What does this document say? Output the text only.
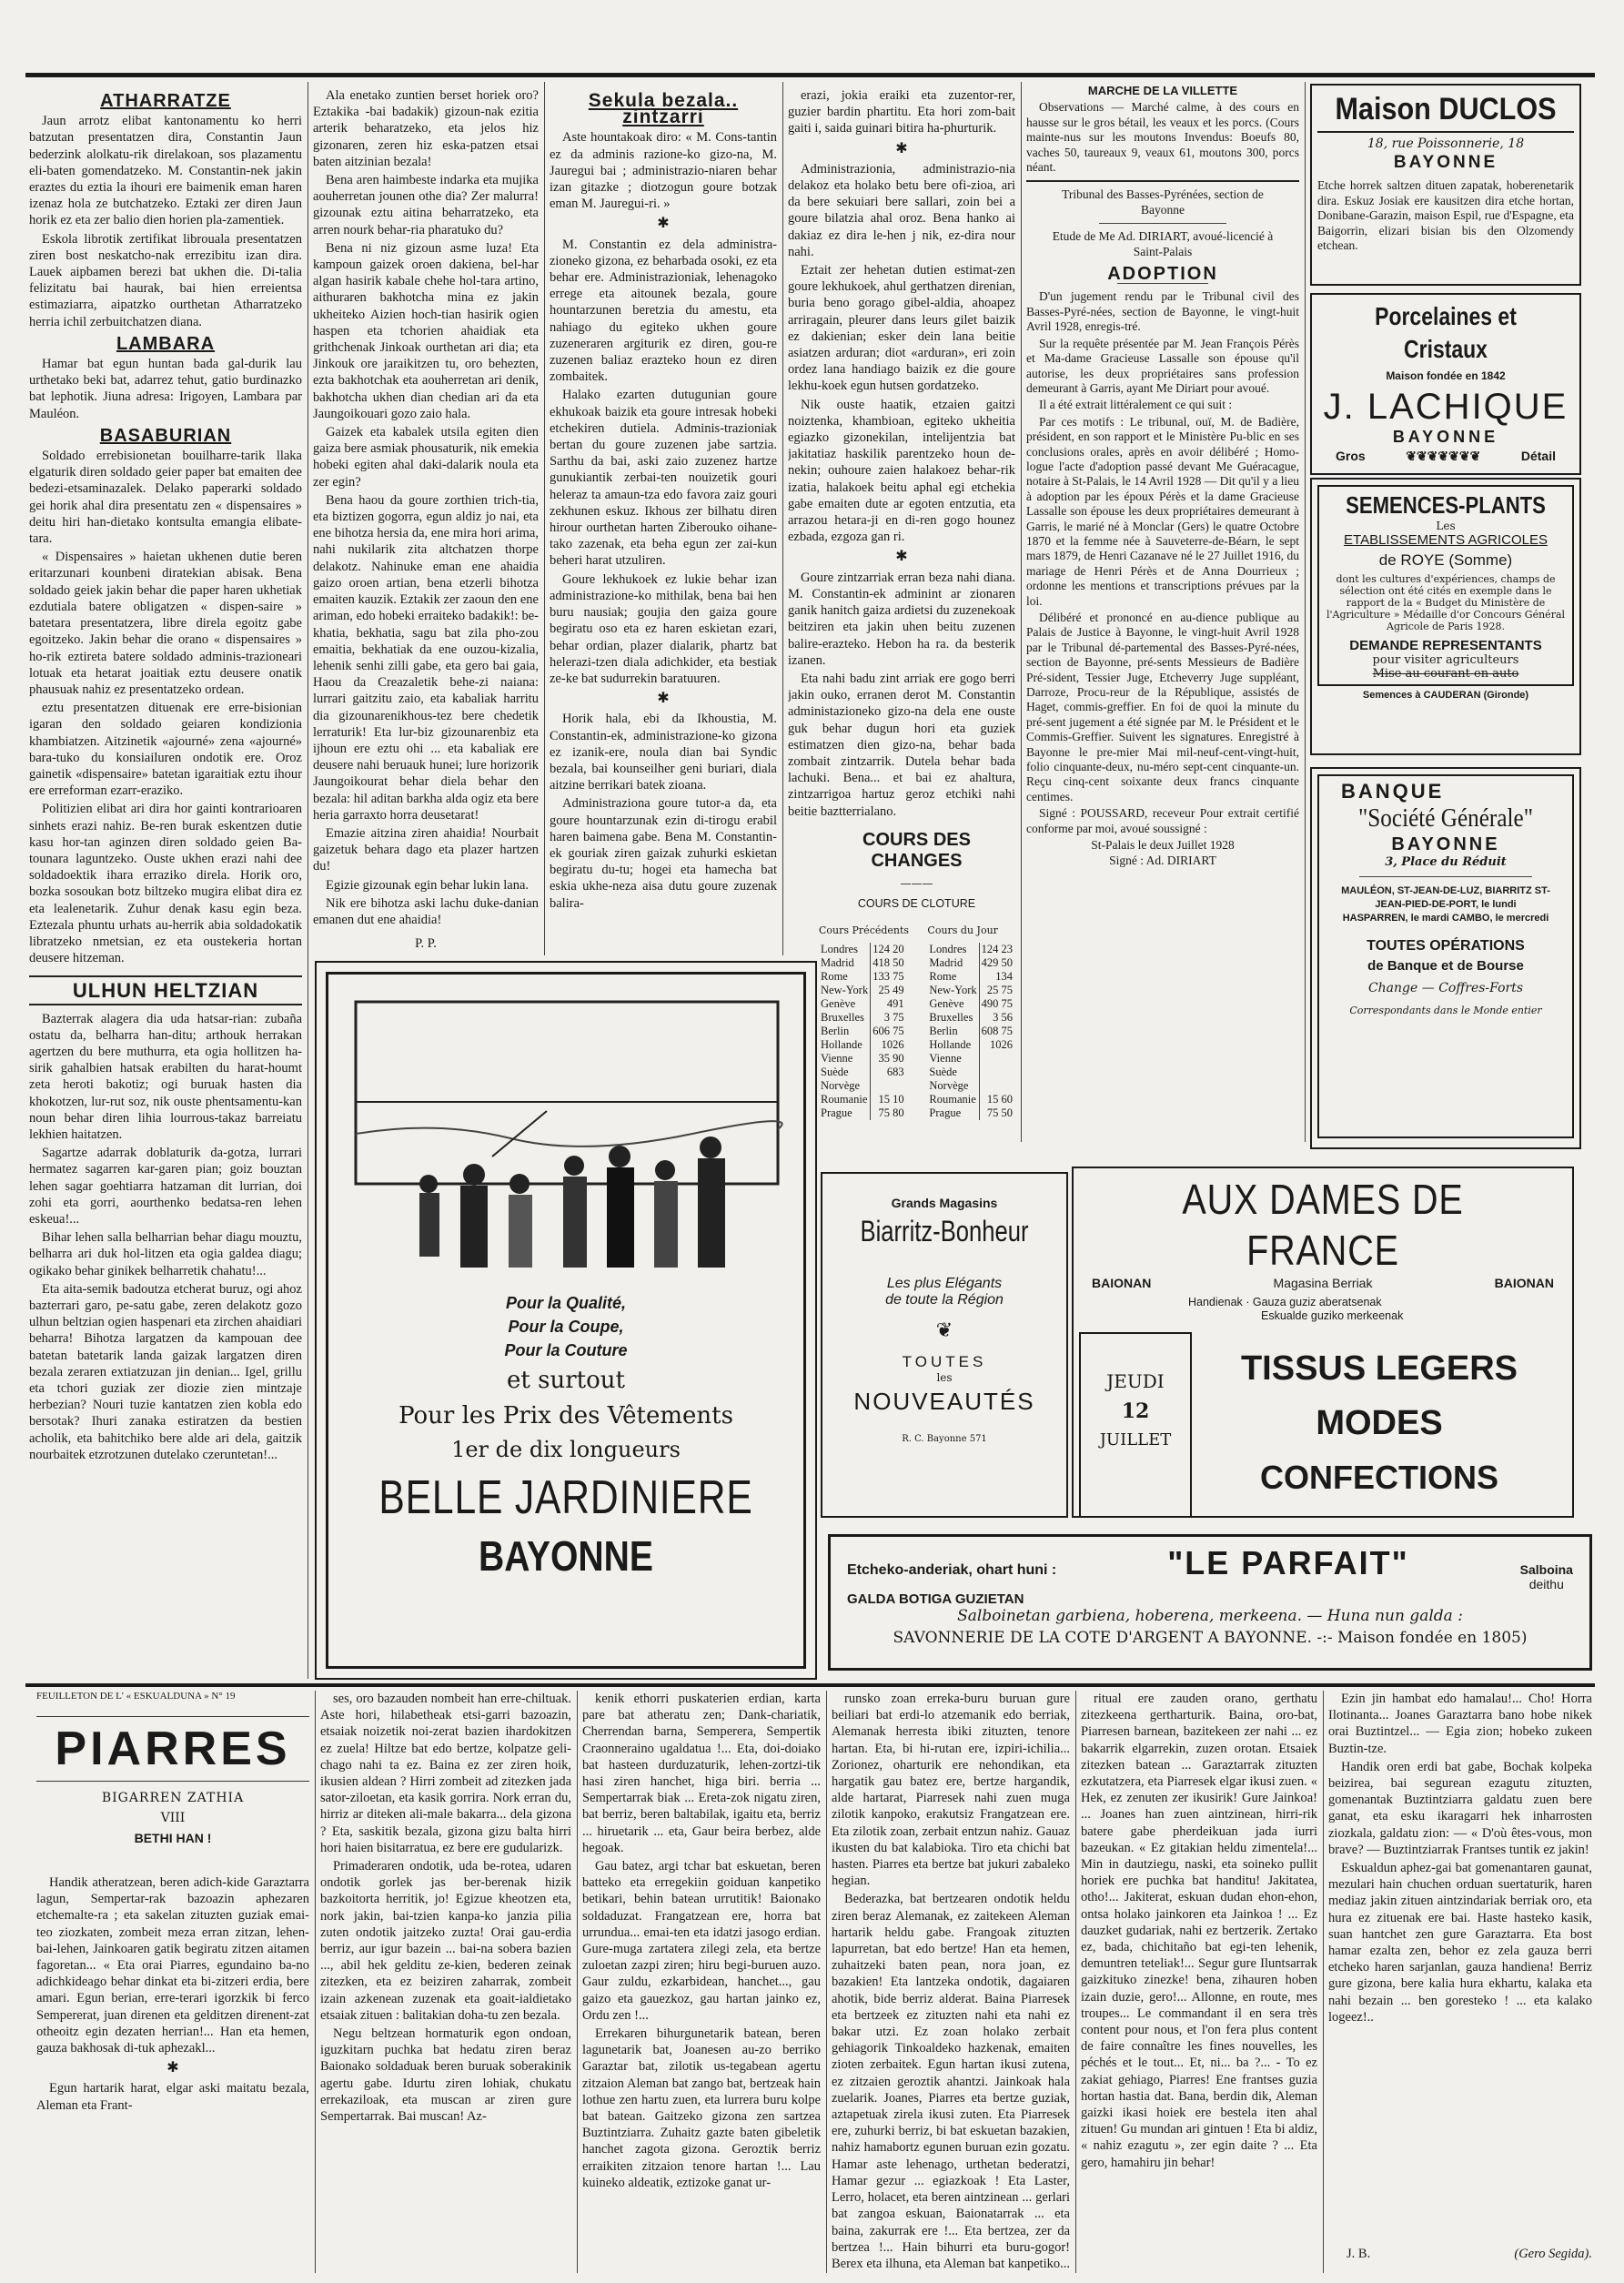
ATHARRATZE

Jaun arrotz elibat kantonamentu ko herri batzutan presentatzen dira, Constantin Jaun bederzink alolkatu-rik direlakoan, sos plazamentu eli-baten gomendatzeko. M. Constantin-nek jakin eraztes du eztia la ihouri ere baimenik eman haren izenaz hola ze butchatzeko. Eztaki zer diren Jaun horik ez eta zer balio dien horien pla-zamentiek.

Eskola librotik zertifikat librouala presentatzen ziren bost neskatcho-nak errezibitu izan dira. Lauek aipbamen berezi bat ukhen die. Di-talia felizitatu bai haurak, bai hien erreientsa estimaziarra, aipatzko ourthetan Atharratzeko herria ichil zerbuitchatzen diana.

LAMBARA

Hamar bat egun huntan bada gal-durik lau urthetako beki bat, adarrez tehut, gatio burdinazko bat lephotik. Jiuna adresa: Irigoyen, Lambara par Mauléon.

BASABURIAN

Soldado errebisionetan bouilharre-tarik llaka elgaturik diren soldado geier paper bat emaiten dee bedezi-etsaminazalek. Delako paperarki soldado gei horik ahal dira presentatu zen « dispensaires » deitu hiri han-dietako kontsulta emangia elibate-tara.

« Dispensaires » haietan ukhenen dutie beren eritarzunari kounbeni diratekian abisak. Bena soldado geiek jakin behar die paper haren ukhetiak ezdutiala batere obligatzen « dispen-saire » batetara presentatzera, libre direla egoitz gabe egoitzeko. Jakin behar die orano « dispensaires » ho-rik eztireta batere soldado adminis-trazioneari lotuak eta hetarat joaitiak eztu deusere onatik phausuak nahiz ez presentatzeko ordean.

eztu presentatzen dituenak ere erre-bisionian igaran den soldado geiaren kondizionia khambiatzen. Aitzinetik «ajourné» zena «ajourné» bara-tuko du konsiailuren ondotik ere. Oroz gainetik «dispensaire» batetan igaraitiak eztu ihour ere erreforman ezarr-eraziko.

Politizien elibat ari dira hor gainti kontrarioaren sinhets erazi nahiz. Be-ren burak eskentzen dutie kasu hor-tan aginzen diren soldado geien Ba-tounara laguntzeko. Ouste ukhen erazi nahi dee soldadoektik ihara erraziko direla. Horik oro, bozka sosoukan botz biltzeko mugira elibat dira ez eta lealenetarik. Zuhur denak kasu egin beza. Eztezala phuntu urhats au-herrik abia soldadokatik libratzeko nmetsian, ez eta oustekeria hortan deusere hitzeman.

ULHUN HELTZIAN

Bazterrak alagera dia uda hatsar-rian: zubaña ostatu da, belharra han-ditu; arthouk herrakan agertzen du bere muthurra, eta ogia hollitzen ha-sirik gahalbien hatsak erabilten du harat-houmt zeta heroti bakotiz; ogi buruak hasten dia khokotzen, lur-rut soz, nik ouste phentsamentu-kan noun behar diren lihia lourrous-takaz barreiatu lekhien haitatzen.

Sagartze adarrak doblaturik da-gotza, lurrari hermatez sagarren kar-garen pian; goiz bouztan lehen sagar goehtiarra hatzaman dit lurrian, doi zohi eta gorri, aourthenko bedatsa-ren lehen eskeua!...

Bihar lehen salla belharrian behar diagu mouztu, belharra ari duk hol-litzen eta ogia galdea diagu; ogikako behar ginikek belharretik chahatu!...

Eta aita-semik badoutza etcherat buruz, ogi ahoz bazterrari garo, pe-satu gabe, zeren delakotz gozo ulhun beltzian ogien haspenari eta zirchen ahaidiari beharra! Bihotza largatzen da kampouan dee batetan batetarik landa gaizak largatzen diren bezala zeraren extiatzuzan jin denian... Igel, grillu eta tchori guziak zer diozie zien mintzaje herbezian? Nouri tuzie kantatzen zien kobla edo bersotak? Ihuri zanaka estiratzen da bestien acholik, eta bahitchiko bere alde ari dela, gaitzik nourbaitek etzrotzunen dutelako czeruntetan!...

Ala enetako zuntien berset horiek oro? Eztakika -bai badakik) gizoun-nak ezitia arterik beharatzeko, eta jelos hiz gizonaren, zeren hiz eska-patzen etsai baten aitzinian bezala!

Bena aren haimbeste indarka eta mujika aouherretan jounen othe dia? Zer malurra! gizounak eztu aitina beharratzeko, eta arren nourk behar-ria pharatuko du?

Bena ni niz gizoun asme luza! Eta kampoun gaizek oroen dakiena, bel-har algan hasirik kabale chehe hol-tara artino, aithuraren bakhotcha mina ez jakin ukheiteko Aizien hoch-tian hasirik ogien haspen eta tchorien ahaidiak eta grithchenak Jinkoak ourthetan ari dia; eta Jinkouk ore jaraikitzen tu, oro behezten, ezta bakhotchak eta aouherretan ari denik, bakhotcha ukhen dian chedian ari da eta Jaungoikouari gozo zaio hala.

Gaizek eta kabalek utsila egiten dien gaiza bere asmiak phousaturik, nik emekia hobeki egiten ahal daki-dalarik noula eta zer egin?

Bena haou da goure zorthien trich-tia, eta biztizen gogorra, egun aldiz jo nai, eta ene bihotza hersia da, ene mira hori arima, nahi nukilarik zita altchatzen thorpe delakotz. Nahinuke eman ene ahaidia gaizo oroen artian, bena etzerli bihotza emaiten kauzik. Eztakik zer zaoun den ene ariman, edo hobeki erraiteko badakik!: be-khatia, bekhatia, sagu bat zila pho-zou emaitia, bekhatiak da ene ouzou-kizalia, lehenik senhi zilli gabe, eta gero bai gaia, Haou da Creazaletik behe-zi naiana: lurrari gaitzitu zaio, eta kabaliak harritu dia gizounarenikhous-tez bere chedetik lerraturik! Eta lur-biz gizounarenbiz eta ijhoun ere eztu ohi ... eta kabaliak ere deusere nahi beruauk hunei; lure horizorik Jaungoikourat behar diela behar den bezala: hil aditan barkha alda ogiz eta bere heria garraxto horra deusetarat!

Emazie aitzina ziren ahaidia! Nourbait gaizetuk behara dago eta plazer hartzen du!

Egizie gizounak egin behar lukin lana.

Nik ere bihotza aski lachu duke-danian emanen dut ene ahaidia!

P. P.
Sekula bezala.. zintzarri

Aste hountakoak diro: « M. Cons-tantin ez da adminis razione-ko gizo-na, M. Jauregui bai ; administrazio-niaren behar izan gitazke ; diotzogun goure botzak eman M. Jauregui-ri. »

✱

M. Constantin ez dela administra-zioneko gizona, ez beharbada osoki, ez eta behar ere. Administrazioniak, lehenagoko errege eta aitounek bezala, goure hountarzunen beretzia du amestu, eta nahiago du egiteko ukhen goure zuzeneraren argiturik ez diren, gou-re zuzenen baliaz erazteko houn ez diren zombaitek.

Halako ezarten dutugunian goure ekhukoak baizik eta goure intresak hobeki etchekiren dutiela. Adminis-trazioniak bertan du goure zuzenen jabe sartzia. Sarthu da bai, aski zaio zuzenez hartze gunukiantik zerbai-ten nouizetik gouri heleraz ta amaun-tza edo favora zaiz gouri zekhunen eskuz. Ikhous zer bilhatu diren hirour ourthetan harten Ziberouko oihane-tako zazenak, eta beha egun zer zai-kun beheri harat utzuliren.

Goure lekhukoek ez lukie behar izan administrazione-ko mithilak, bena bai hen buru nausiak; goujia den gaiza goure begiratu oso eta ez haren eskietan ezari, behar ordian, plazer dialarik, phartz bat helerazi-tzen diala adichkider, eta bestiak ze-ke bat sudurrekin baratuuren.

✱

Horik hala, ebi da Ikhoustia, M. Constantin-ek, administrazione-ko gizona ez izanik-ere, noula dian bai Syndic bezala, bai kounseilher geni buriari, diala aitzine berrikari batek zioana.

Administraziona goure tutor-a da, eta goure hountarzunak ezin di-tirogu erabil haren baimena gabe. Bena M. Constantin-ek gouriak ziren gaizak zuhurki eskietan begiratu du-tu; hogei eta hamecha bat eskia ukhe-neza aisa dutu goure zuzenak balira-

erazi, jokia eraiki eta zuzentor-rer, guzier bardin phartitu. Eta hori zom-bait gaiti i, saida guinari bitira ha-phurturik.

✱

Administrazionia, administrazio-nia delakoz eta holako betu bere ofi-zioa, ari da bere sekuiari bere sallari, zoin bei a goure bilatzia ahal oroz. Bena hanko ai dakiaz ez dira le-hen j nik, ez-dira nour nahi.

Eztait zer hehetan dutien estimat-zen goure lekhukoek, ahul gerthatzen direnian, buria beno gorago gibel-aldia, ahoapez arriragain, pleurer dans leurs gilet baizik ez dakienian; esker dein lana beitie asiatzen arduran; diot «arduran», eri zoin ordez lana handiago baizik ez die goure lekhu-koek egun hutsen gordatzeko.

Nik ouste haatik, etzaien gaitzi noiztenka, khambioan, egiteko ukheitia egiazko gizonekilan, intelijentzia bat jakitatiaz haskilik parentzeko houn de-nekin; ouhoure zaien halakoez behar-rik izatia, halakoek beitu aphal egi etchekia gabe emaiten dute ar egoten entzutia, eta arrazou hetara-ji en di-ren gogo hounez ezbada, ezgoza gan ri.

✱

Goure zintzarriak erran beza nahi diana. M. Constantin-ek adminint ar zionaren ganik hanitch gaiza ardietsi du zuzenekoak beitziren eta jakin uhen beitu zuzenen balire-erazteko. Hebon ha ra. da besterik izanen.

Eta nahi badu zint arriak ere gogo berri jakin ouko, erranen derot M. Constantin administazioneko gizo-na dela ene ouste guk behar dugun hori eta guziek estimatzen dien gizo-na, behar bada zombait zintzarrik. Dutela behar bada lachuki. Bena... et bai ez ahaltura, zintzarrigoa hartuz geroz etchiki nahi beitie baztterrialano.

COURS DES CHANGES
———
COURS DE CLOTURE
Cours Précédents
Londres	124 20
Madrid	418 50
Rome	133 75
New-York	25 49
Genève	491
Bruxelles	3 75
Berlin	606 75
Hollande	1026
Vienne	35 90
Suède	683
Norvège	
Roumanie	15 10
Prague	75 80
Cours du Jour
Londres	124 23
Madrid	429 50
Rome	134
New-York	25 75
Genève	490 75
Bruxelles	3 56
Berlin	608 75
Hollande	1026
Vienne	
Suède	
Norvège	
Roumanie	15 60
Prague	75 50
MARCHE DE LA VILLETTE

Observations — Marché calme, à des cours en hausse sur le gros bétail, les veaux et les porcs. (Cours mainte-nus sur les moutons Invendus: Boeufs 80, vaches 50, taureaux 9, veaux 61, moutons 300, porcs néant.

Tribunal des Basses-Pyrénées, section de Bayonne
Etude de Me Ad. DIRIART, avoué-licencié à Saint-Palais
ADOPTION

D'un jugement rendu par le Tribunal civil des Basses-Pyré-nées, section de Bayonne, le vingt-huit Avril 1928, enregis-tré.

Sur la requête présentée par M. Jean François Pérès et Ma-dame Gracieuse Lassalle son épouse qu'il autorise, les deux propriétaires sans profession demeurant à Garris, ayant Me Diriart pour avoué.

Il a été extrait littéralement ce qui suit :

Par ces motifs : Le tribunal, ouï, M. de Badière, président, en son rapport et le Ministère Pu-blic en ses conclusions orales, après en avoir délibéré ; Homo-logue l'acte d'adoption passé devant Me Guéracague, notaire à St-Palais, le 14 Avril 1928 — Dit qu'il y a lieu à adoption par les époux Pérès et la dame Gracieuse Lassalle son épouse les deux propriétaires demeurant à Garris, le marié né à Monclar (Gers) le quatre Octobre 1870 et la femme née à Sauveterre-de-Béarn, le sept mars 1879, de Henri Cazanave né le 27 Juillet 1916, du mariage de Henri Pérès et de Anna Dourrieux ; ordonne les mentions et transcriptions prévues par la loi.

Délibéré et prononcé en au-dience publique au Palais de Justice à Bayonne, le vingt-huit Avril 1928 par le Tribunal dé-partemental des Basses-Pyré-nées, section de Bayonne, pré-sents Messieurs de Badière Pré-sident, Tessier Juge, Etcheverry Juge suppléant, Darroze, Procu-reur de la République, assistés de Haget, commis-greffier. En foi de quoi la minute du pré-sent jugement a été signée par M. le Président et le Commis-Greffier. Suivent les signatures. Enregistré à Bayonne le pre-mier Mai mil-neuf-cent-vingt-huit, folio cinquante-deux, nu-méro sept-cent cinquante-un. Reçu cinq-cent soixante deux francs cinquante centimes.

Signé : POUSSARD, receveur Pour extrait certifié conforme par moi, avoué soussigné :

St-Palais le deux Juillet 1928
Signé : Ad. DIRIART
Maison DUCLOS
18, rue Poissonnerie, 18
BAYONNE
Etche horrek saltzen dituen zapatak, hoberenetarik dira. Eskuz Josiak ere kausitzen dira etche hortan, Donibane-Garazin, maison Espil, rue d'Espagne, eta Baigorrin, elizari bisian bis den Olzomendy etchean.
Porcelaines et Cristaux
Maison fondée en 1842
J. LACHIQUE
BAYONNE
Gros	❦❦❦❦❦❦❦	Détail
SEMENCES-PLANTS
Les
ETABLISSEMENTS AGRICOLES
de ROYE (Somme)
dont les cultures d'expériences, champs de sélection ont été cités en exemple dans le rapport de la « Budget du Ministère de l'Agriculture » Médaille d'or Concours Général Agricole de Paris 1928.
DEMANDE REPRESENTANTS
pour visiter agriculteurs
Mise au courant en auto
Semences à CAUDERAN (Gironde)
BANQUE
"Société Générale"
BAYONNE
3, Place du Réduit
MAULÉON, ST-JEAN-DE-LUZ, BIARRITZ ST-JEAN-PIED-DE-PORT, le lundi HASPARREN, le mardi CAMBO, le mercredi
TOUTES OPÉRATIONS
de Banque et de Bourse
Change — Coffres-Forts
Correspondants dans le Monde entier
Pour la Qualité,
Pour la Coupe,
Pour la Couture
et surtout
Pour les Prix des Vêtements
1er de dix longueurs
BELLE JARDINIERE
BAYONNE
Grands Magasins
Biarritz-Bonheur
Les plus Elégants
de toute la Région
❦
TOUTES
les
NOUVEAUTÉS
R. C. Bayonne 571
AUX DAMES DE FRANCE
BAIONAN	Magasina Berriak	BAIONAN
Handienak · Gauza guziz aberatsenak
Eskualde guziko merkeenak
JEUDI
12
JUILLET
TISSUS LEGERS
MODES
CONFECTIONS
Etcheko-anderiak, ohart huni :	"LE PARFAIT"	Salboina
deithu
GALDA BOTIGA GUZIETAN
Salboinetan garbiena, hoberena, merkeena. — Huna nun galda :
SAVONNERIE DE LA COTE D'ARGENT A BAYONNE. -:- Maison fondée en 1805)
FEUILLETON DE L' « ESKUALDUNA » N° 19
PIARRES
BIGARREN ZATHIA
VIII
BETHI HAN !

Handik atheratzean, beren adich-kide Garaztarra lagun, Sempertar-rak bazoazin aphezaren etchemalte-ra ; eta sakelan zituzten guziak emai-teo ziozkaten, zombeit meza erran zitzan, lehen-bai-lehen, Jainkoaren gatik begiratu zitzen aitamen fagoretan... « Eta orai Piarres, egundaino ba-no adichkideago behar dinkat eta bi-zitzeri erdia, bere amari. Egun berian, erre-terari igorzkik bi ferco Sempererat, juan direnen eta gelditzen direnent-zat otheoitz egin dezaten herrian!... Han eta hemen, gauza bakhosak di-tuk aphezakl...

✱

Egun hartarik harat, elgar aski maitatu bezala, Aleman eta Frant-

ses, oro bazauden nombeit han erre-chiltuak. Aste hori, hilabetheak etsi-garri bazoazin, etsaiak noizetik noi-zerat bazien ihardokitzen ez zuela! Hiltze bat edo bertze, kolpatze geli-chago nahi ta ez. Baina ez zer ziren hoik, ikusien aldean ? Hirri zombeit ad zitezken jada sator-ziloetan, eta kasik gorrira. Nork erran du, hirriz ar diteken ali-male bakarra... dela gizona ? Eta, saskitik bezala, gizona gizu balta hirri hori haien bisitarratua, ez bere ere gudularizk.

Primaderaren ondotik, uda be-rotea, udaren ondotik gorlek jas ber-berenak hizik bazkoitorta herritik, jo! Egizue kheotzen eta, nork jakin, bai-tzien kanpa-ko janzia pilia zuten ondotik jaitzeko zuzta! Orai gau-erdia berriz, aur igur bazein ... bai-na sobera bazien ..., abil hek gelditu ze-kien, bederen zeinak zitezken, eta ez beiziren zaharrak, zombeit izain azkenean zuzenak eta goait-ialdietako etsaiak zituen : balitakian doha-tu zen bezala.

Negu beltzean hormaturik egon ondoan, iguzkitarn puchka bat hedatu ziren beraz Baionako soldaduak beren buruak soberakinik agertu gabe. Idurtu ziren lohiak, chukatu errekaziloak, eta muscan ar ziren gure Sempertarrak. Bai muscan! Az-

kenik ethorri puskaterien erdian, karta pare bat atheratu zen; Dank-chariatik, Cherrendan barna, Semperera, Sempertik Craonneraino ugaldatua !... Eta, doi-doiako bat hasteen durduzaturik, lehen-zortzi-tik hasi ziren hanchet, higa biri. berria ... Sempertarrak biak ... Ereta-zok nigatu ziren, bat berriz, beren baltabilak, igaitu eta, berriz ... hiruetarik ... eta, Gaur beira berbez, alde hegoak.

Gau batez, argi tchar bat eskuetan, beren batteko eta erregekiin goiduan kanpetiko betikari, behin batean urrutitik! Baionako soldaduzat. Frangatzean ere, horra bat urrundua... emai-ten eta idatzi jasogo erdian. Gure-muga zartatera zilegi zela, eta bertze zuloetan zazpi ziren; hiru begi-buruen auzo. Gaur zuldu, ezkarbidean, hanchet..., gau gaizo eta gauezkoz, gau hartan jainko ez, Ordu zen !...

Errekaren bihurgunetarik batean, beren lagunetarik bat, Joanesen au-zo berriko Garaztar bat, zilotik us-tegabean agertu zitzaion Aleman bat zango bat, bertzeak hain lothue zen hartu zuen, eta lurrera buru kolpe bat batean. Gaitzeko gizona zen sartzea Buztintziarra. Zuhaitz gazte baten gibeletik hanchet zagota gizona. Geroztik berriz erraikiten zitzaion tenore hartan !... Lau kuineko aldeatik, eztizoke ganat ur-

runsko zoan erreka-buru buruan gure beiliari bat erdi-lo atzemanik edo berriak, Alemanak herresta ibiki zituzten, tenore hartan. Eta, bi hi-rutan ere, izpiri-ichilia... Zorionez, oharturik ere nehondikan, eta hargatik gau batez ere, bertze hargandik, alde hartarat, Piarresek nahi zuen muga zilotik kanpoko, erakutsiz Frangatzean ere. Eta zilotik zoan, zerbait entzun nahiz. Gauaz ikusten du bat kalabioka. Tiro eta chichi bat hasten. Piarres eta bertze bat jukuri zabaleko hegian.

Bederazka, bat bertzearen ondotik heldu ziren beraz Alemanak, ez zaitekeen Aleman hartarik heldu gabe. Frangoak zituzten lapurretan, bat edo bertze! Han eta hemen, zuhaitzeki baten pean, nora joan, ez bazakien! Eta lantzeka ondotik, dagaiaren ahotik, bide berriz alderat. Baina Piarresek eta bertzeek ez zituzten nahi eta nahi ez bakar utzi. Ez zoan holako zerbait gehiagorik Tinkoaldeko hazkenak, emaiten zioten zerbaitek. Egun hartan ikusi zutena, ez zitzaien geroztik ahantzi. Jainkoak hala zuelarik. Joanes, Piarres eta bertze guziak, aztapetuak zirela ikusi zuten. Eta Piarresek ere, zuhurki berriz, bi bat eskuetan bazakien, nahiz hamabortz egunen buruan ezin gozatu. Hamar aste lehenago, urthetan bederatzi, Hamar gezur ... egiazkoak ! Eta Laster, Lerro, holacet, eta beren aintzinean ... gerlari bat zangoa eskuan, Baionatarrak ... eta baina, zakurrak ere !... Eta bertzea, zer da bertzea !... Hain bihurri eta buru-gogor! Berex eta ilhuna, eta Aleman bat kanpetiko...

ritual ere zauden orano, gerthatu zitezkeena gertharturik. Baina, oro-bat, Piarresen barnean, bazitekeen zer nahi ... ez bakarrik elgarrekin, zuzen orotan. Etsaiek zitezken batean ... Garaztarrak zituzten ezkutatzera, eta Piarresek elgar ikusi zuen. « Hek, ez zenuten zer ikusirik! Gure Jainkoa! ... Joanes han zuen aintzinean, hirri-rik batere gabe pherdeikuan jada iurri bazeukan. « Ez gitakian heldu zimentela!... Min in dautziegu, naski, eta soineko pullit horiek ere puchka bat handitu! Jakitatea, otho!... Jakiterat, eskuan dudan ehon-ehon, ontsa holako jainkoren eta Jainkoa ! ... Ez dauzket gudariak, nahi ez bertzerik. Zertako ez, bada, chichitaño bat egi-ten lehenik, demuntren teteliak!... Segur gure Iluntsarrak gaizkituko zinezke! bena, zihauren hoben izain duzie, gero!... Allonne, en route, mes troupes... Le commandant il en sera très content pour nous, et l'on fera plus content de faire connaître les fines nouvelles, les péchés et le tout... Et, ni... ba ?... - To ez zakiat gehiago, Piarres! Ene frantses guzia hortan hastia dat. Bana, berdin dik, Aleman gaizki ikasi hoiek ere bestela iten ahal zituen! Gu mundan ari gintuen ! Eta bi aldiz, « nahiz ezagutu », zer egin daite ? ... Eta gero, hamahiru jin behar!

Ezin jin hambat edo hamalau!... Cho! Horra Ilotinanta... Joanes Garaztarra bano hobe nikek orai Buztintzel... — Egia zion; hobeko zukeen Buztin-tze.

Handik oren erdi bat gabe, Bochak kolpeka beizirea, bai segurean ezagutu zituzten, gomenantak Buztintziarra galdatu zuen bere ganat, eta esku ikaragarri hek inharrosten ziozkala, galdatu zion: — « D'où êtes-vous, mon brave? — Buztintziarrak Frantses tuntik ez jakin!

Eskualdun aphez-gai bat gomenantaren gaunat, mezulari hain chuchen orduan suertaturik, haren mediaz jakin zituen aintzindariak berriak oro, eta hura ez zituenak ere bai. Haste hasteko kasik, suan hantchet zen gure Garaztarra. Eta bost hamar ezalta zen, behor ez zela gauza berri etcheko haren sarjanlan, gauza handiena! Berriz gure gizona, bere kalia hura ekhartu, kalaka eta nahi bezain ... ben goresteko ! ... eta kalako logeez!..

J. B.	(Gero Segida).
